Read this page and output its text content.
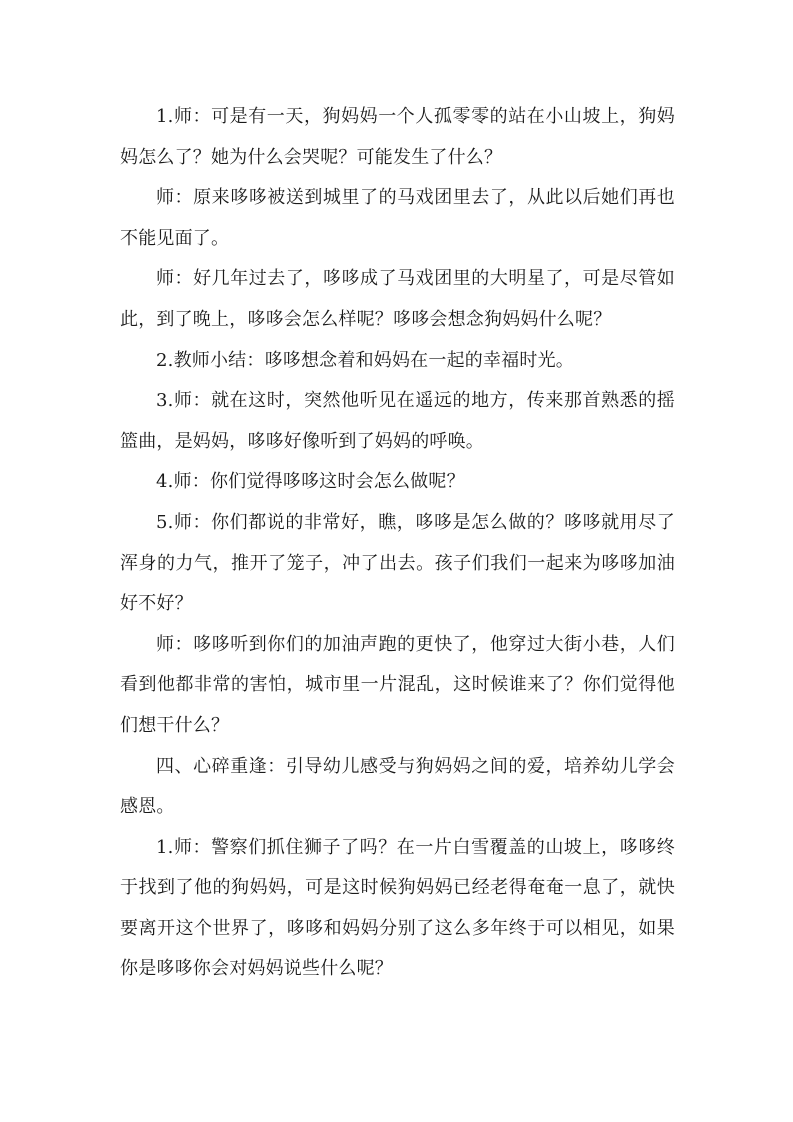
1.师：可是有一天，狗妈妈一个人孤零零的站在小山坡上，狗妈妈怎么了？她为什么会哭呢？可能发生了什么？

师：原来哆哆被送到城里了的马戏团里去了，从此以后她们再也不能见面了。

师：好几年过去了，哆哆成了马戏团里的大明星了，可是尽管如此，到了晚上，哆哆会怎么样呢？哆哆会想念狗妈妈什么呢？

2.教师小结：哆哆想念着和妈妈在一起的幸福时光。

3.师：就在这时，突然他听见在遥远的地方，传来那首熟悉的摇篮曲，是妈妈，哆哆好像听到了妈妈的呼唤。

4.师：你们觉得哆哆这时会怎么做呢？

5.师：你们都说的非常好，瞧，哆哆是怎么做的？哆哆就用尽了浑身的力气，推开了笼子，冲了出去。孩子们我们一起来为哆哆加油好不好？

师：哆哆听到你们的加油声跑的更快了，他穿过大街小巷，人们看到他都非常的害怕，城市里一片混乱，这时候谁来了？你们觉得他们想干什么？

四、心碎重逢：引导幼儿感受与狗妈妈之间的爱，培养幼儿学会感恩。

1.师：警察们抓住狮子了吗？在一片白雪覆盖的山坡上，哆哆终于找到了他的狗妈妈，可是这时候狗妈妈已经老得奄奄一息了，就快要离开这个世界了，哆哆和妈妈分别了这么多年终于可以相见，如果你是哆哆你会对妈妈说些什么呢？
